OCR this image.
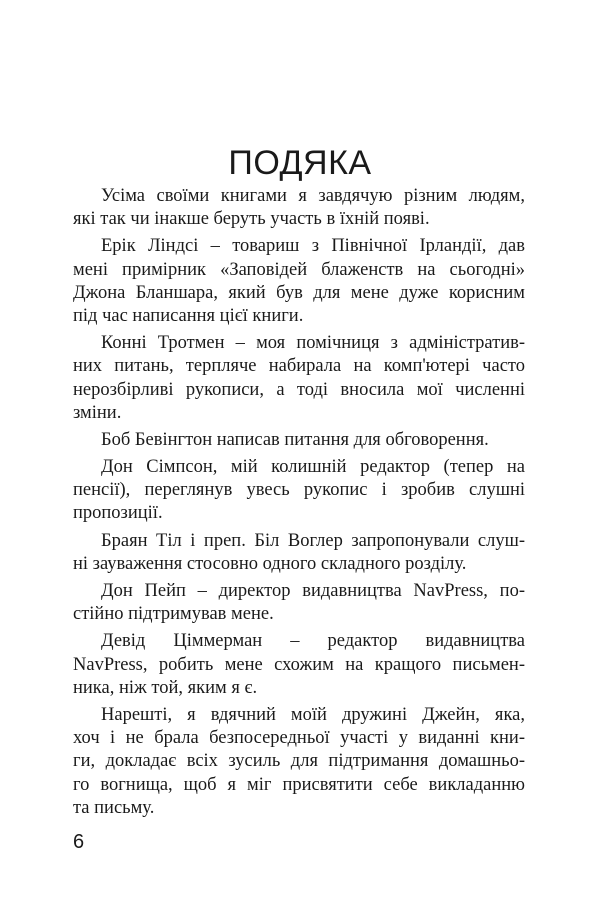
ПОДЯКА
Усіма своїми книгами я завдячую різним людям,
які так чи інакше беруть участь в їхній появі.
Ерік Ліндсі – товариш з Північної Ірландії, дав
мені примірник «Заповідей блаженств на сьогодні»
Джона Бланшара, який був для мене дуже корисним
під час написання цієї книги.
Конні Тротмен – моя помічниця з адміністратив-
них питань, терпляче набирала на комп'ютері часто
нерозбірливі рукописи, а тоді вносила мої численні
зміни.
Боб Бевінгтон написав питання для обговорення.
Дон Сімпсон, мій колишній редактор (тепер на
пенсії), переглянув увесь рукопис і зробив слушні
пропозиції.
Браян Тіл і преп. Біл Воглер запропонували слуш-
ні зауваження стосовно одного складного розділу.
Дон Пейп – директор видавництва NavPress, по-
стійно підтримував мене.
Девід Ціммерман – редактор видавництва
NavPress, робить мене схожим на кращого письмен-
ника, ніж той, яким я є.
Нарешті, я вдячний моїй дружині Джейн, яка,
хоч і не брала безпосередньої участі у виданні кни-
ги, докладає всіх зусиль для підтримання домашньо-
го вогнища, щоб я міг присвятити себе викладанню
та письму.
6
